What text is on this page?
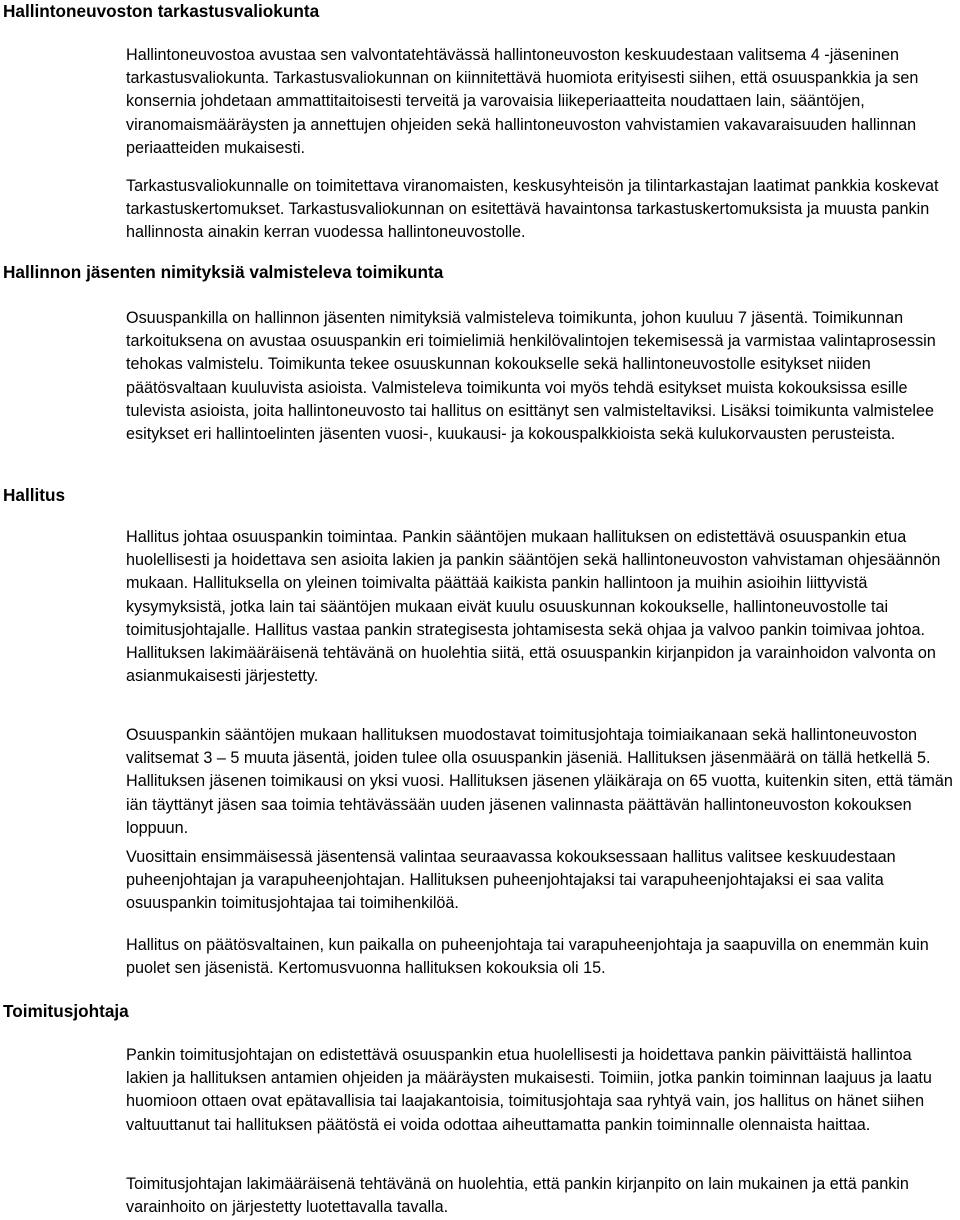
Hallintoneuvoston tarkastusvaliokunta

Hallintoneuvostoa avustaa sen valvontatehtävässä hallintoneuvoston keskuudestaan valitsema 4 -jäseninen tarkastusvaliokunta. Tarkastusvaliokunnan on kiinnitettävä huomiota erityisesti siihen, että osuuspankkia ja sen konsernia johdetaan ammattitaitoisesti terveitä ja varovaisia liikeperiaatteita noudattaen lain, sääntöjen, viranomaismääräysten ja annettujen ohjeiden sekä hallintoneuvoston vahvistamien vakavaraisuuden hallinnan periaatteiden mukaisesti.

Tarkastusvaliokunnalle on toimitettava viranomaisten, keskusyhteisön ja tilintarkastajan laatimat pankkia koskevat tarkastuskertomukset. Tarkastusvaliokunnan on esitettävä havaintonsa tarkastuskertomuksista ja muusta pankin hallinnosta ainakin kerran vuodessa hallintoneuvostolle.

Hallinnon jäsenten nimityksiä valmisteleva toimikunta

Osuuspankilla on hallinnon jäsenten nimityksiä valmisteleva toimikunta, johon kuuluu 7 jäsentä. Toimikunnan tarkoituksena on avustaa osuuspankin eri toimielimiä henkilövalintojen tekemisessä ja varmistaa valintaprosessin tehokas valmistelu. Toimikunta tekee osuuskunnan kokoukselle sekä hallintoneuvostolle esitykset niiden päätösvaltaan kuuluvista asioista. Valmisteleva toimikunta voi myös tehdä esitykset muista kokouksissa esille tulevista asioista, joita hallintoneuvosto tai hallitus on esittänyt sen valmisteltaviksi. Lisäksi toimikunta valmistelee esitykset eri hallintoelinten jäsenten vuosi-, kuukausi- ja kokouspalkkioista sekä kulukorvausten perusteista.

Hallitus

Hallitus johtaa osuuspankin toimintaa. Pankin sääntöjen mukaan hallituksen on edistettävä osuuspankin etua huolellisesti ja hoidettava sen asioita lakien ja pankin sääntöjen sekä hallintoneuvoston vahvistaman ohjesäännön mukaan. Hallituksella on yleinen toimivalta päättää kaikista pankin hallintoon ja muihin asioihin liittyvistä kysymyksistä, jotka lain tai sääntöjen mukaan eivät kuulu osuuskunnan kokoukselle, hallintoneuvostolle tai toimitusjohtajalle. Hallitus vastaa pankin strategisesta johtamisesta sekä ohjaa ja valvoo pankin toimivaa johtoa. Hallituksen lakimääräisenä tehtävänä on huolehtia siitä, että osuuspankin kirjanpidon ja varainhoidon valvonta on asianmukaisesti järjestetty.

Osuuspankin sääntöjen mukaan hallituksen muodostavat toimitusjohtaja toimiaikanaan sekä hallintoneuvoston valitsemat 3 – 5 muuta jäsentä, joiden tulee olla osuuspankin jäseniä. Hallituksen jäsenmäärä on tällä hetkellä 5. Hallituksen jäsenen toimikausi on yksi vuosi. Hallituksen jäsenen yläikäraja on 65 vuotta, kuitenkin siten, että tämän iän täyttänyt jäsen saa toimia tehtävässään uuden jäsenen valinnasta päättävän hallintoneuvoston kokouksen loppuun.

Vuosittain ensimmäisessä jäsentensä valintaa seuraavassa kokouksessaan hallitus valitsee keskuudestaan puheenjohtajan ja varapuheenjohtajan. Hallituksen puheenjohtajaksi tai varapuheenjohtajaksi ei saa valita osuuspankin toimitusjohtajaa tai toimihenkilöä.

Hallitus on päätösvaltainen, kun paikalla on puheenjohtaja tai varapuheenjohtaja ja saapuvilla on enemmän kuin puolet sen jäsenistä. Kertomusvuonna hallituksen kokouksia oli 15.

Toimitusjohtaja

Pankin toimitusjohtajan on edistettävä osuuspankin etua huolellisesti ja hoidettava pankin päivittäistä hallintoa lakien ja hallituksen antamien ohjeiden ja määräysten mukaisesti. Toimiin, jotka pankin toiminnan laajuus ja laatu huomioon ottaen ovat epätavallisia tai laajakantoisia, toimitusjohtaja saa ryhtyä vain, jos hallitus on hänet siihen valtuuttanut tai hallituksen päätöstä ei voida odottaa aiheuttamatta pankin toiminnalle olennaista haittaa.

Toimitusjohtajan lakimääräisenä tehtävänä on huolehtia, että pankin kirjanpito on lain mukainen ja että pankin varainhoito on järjestetty luotettavalla tavalla.
